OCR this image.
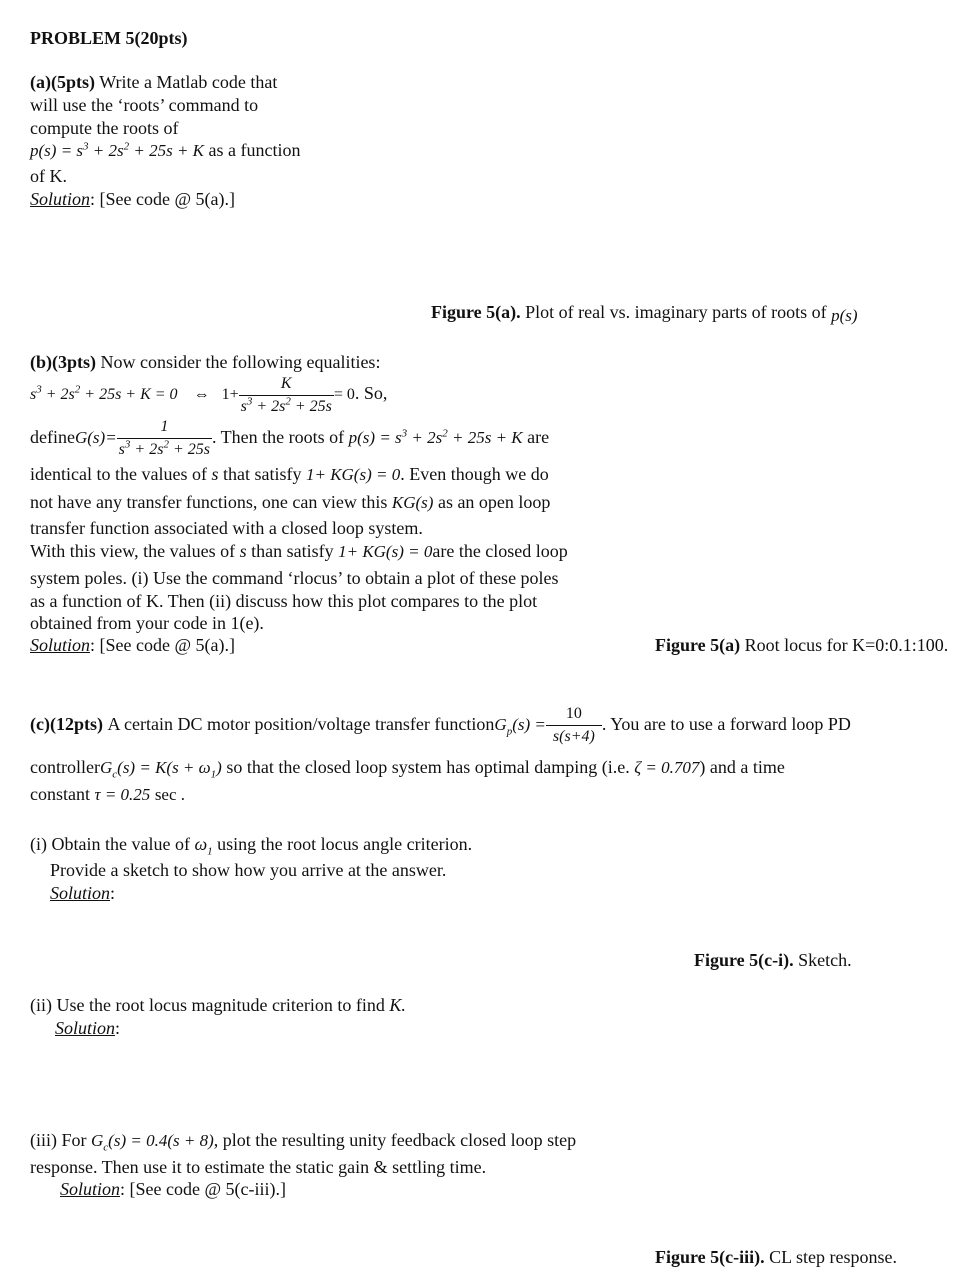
PROBLEM 5(20pts)
(a)(5pts) Write a Matlab code that
will use the ‘roots’ command to
compute the roots of
$p(s) = s^3 + 2s^2 + 25s + K$ as a function
of K.
Solution: [See code @ 5(a).]
Figure 5(a). Plot of real vs. imaginary parts of roots of p(s)
(b)(3pts) Now consider the following equalities:
$s^3 + 2s^2 + 25s + K = 0$ ⇔ $1+ \frac{K}{s^3 + 2s^2 + 25s} = 0$. So,
defineG(s)= $\frac{1}{s^3 + 2s^2 + 25s}$ . Then the roots of $p(s) = s^3 + 2s^2 + 25s + K$ are
identical to the values of s that satisfy 1+ KG(s) = 0. Even though we do
not have any transfer functions, one can view this KG(s) as an open loop
transfer function associated with a closed loop system.
With this view, the values of s than satisfy 1+ KG(s) = 0are the closed loop
system poles. (i) Use the command ‘rlocus’ to obtain a plot of these poles
as a function of K. Then (ii) discuss how this plot compares to the plot
obtained from your code in 1(e).
Solution: [See code @ 5(a).]	Figure 5(a) Root locus for K=0:0.1:100.
(c)(12pts) A certain DC motor position/voltage transfer functionG$_p$(s) = $\frac{10}{s(s+4)}$ . You are to use a forward loop PD
controllerG$_c$(s) = $K(s + \omega_1)$ so that the closed loop system has optimal damping (i.e. ζ = 0.707) and a time
constant τ = 0.25 sec .
(i) Obtain the value of $\omega_1$ using the root locus angle criterion.
Provide a sketch to show how you arrive at the answer.
Solution:
Figure 5(c-i). Sketch.
(ii) Use the root locus magnitude criterion to find K.
Solution:
(iii) For $G_c(s) = 0.4(s + 8)$, plot the resulting unity feedback closed loop step
response. Then use it to estimate the static gain & settling time.
Solution: [See code @ 5(c-iii).]
Figure 5(c-iii). CL step response.
